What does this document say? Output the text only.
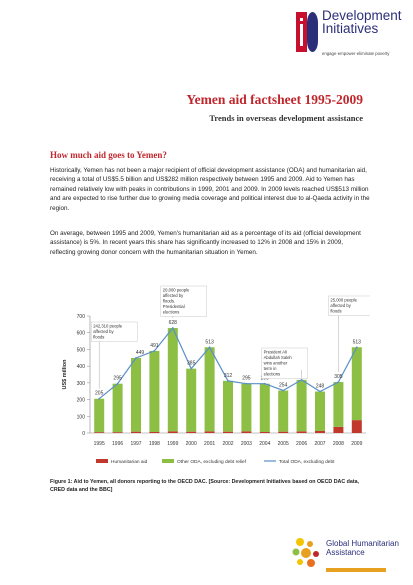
Development
Initiatives
engage·empower·eliminate poverty
Yemen aid factsheet 1995-2009
Trends in overseas development assistance
How much aid goes to Yemen?
Historically, Yemen has not been a major recipient of official development assistance (ODA) and humanitarian aid, receiving a total of US$5.5 billion and US$282 million respectively between 1995 and 2009. Aid to Yemen has remained relatively low with peaks in contributions in 1999, 2001 and 2009. In 2009 levels reached US$513 million and are expected to rise further due to growing media coverage and political interest due to al-Qaeda activity in the region.
On average, between 1995 and 2009, Yemen's humanitarian aid as a percentage of its aid (official development assistance) is 5%. In recent years this share has significantly increased to 12% in 2008 and 15% in 2009, reflecting growing donor concern with the humanitarian situation in Yemen.
0
100
200
300
400
500
600
700
US$ million
1995 1996 1997 1998 1999 2000 2001 2002 2003 2004 2005 2006 2007 2008 2009
205
295
449
491
628
385
513
312 295
254	248
305
513
242,310 people
affected by
floods
20,000 people
affected by
floods.
Presidential
elections
President Ali
Abdullah Saleh
wins another
term in
elections
25,000 people
affected by
floods
Humanitarian aid	Other ODA, excluding debt relief	Total ODA, excluding debt
Figure 1: Aid to Yemen, all donors reporting to the OECD DAC. [Source: Development Initiatives based on OECD DAC data, CRED data and the BBC]
Global Humanitarian
Assistance
